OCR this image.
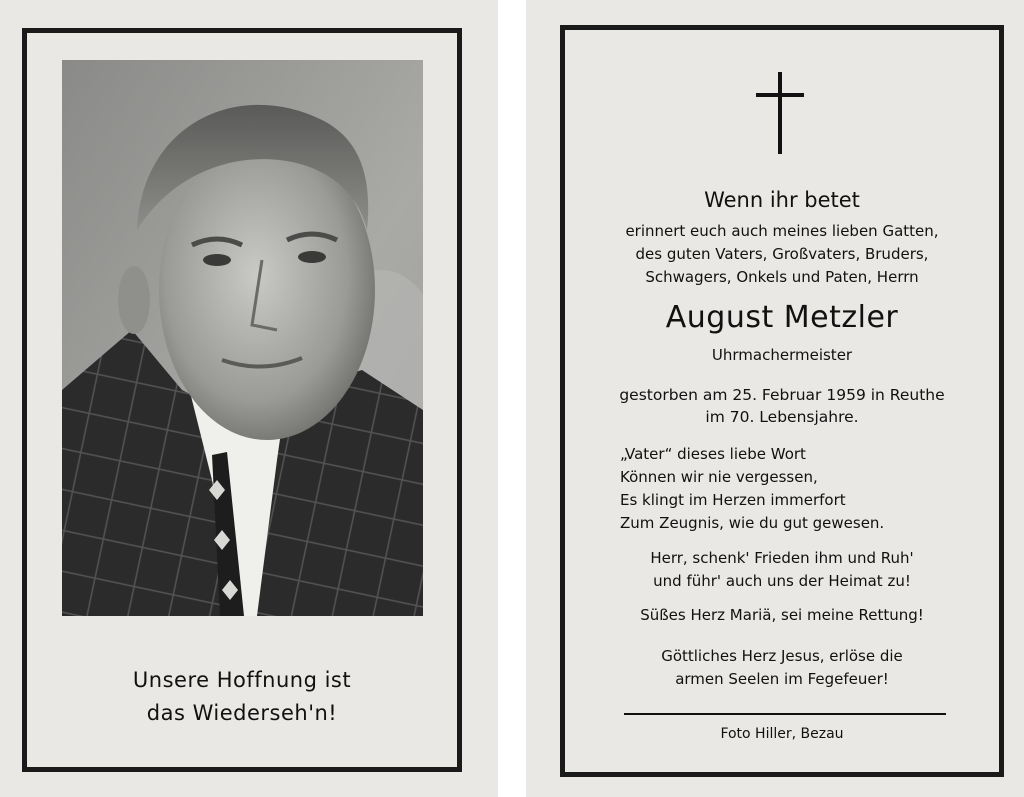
Unsere Hoffnung ist
das Wiederseh'n!

Wenn ihr betet

erinnert euch auch meines lieben Gatten,
des guten Vaters, Großvaters, Bruders,
Schwagers, Onkels und Paten, Herrn

August Metzler

Uhrmachermeister

gestorben am 25. Februar 1959 in Reuthe
im 70. Lebensjahre.
„Vater“ dieses liebe Wort
Können wir nie vergessen,
Es klingt im Herzen immerfort
Zum Zeugnis, wie du gut gewesen.
Herr, schenk' Frieden ihm und Ruh'
und führ' auch uns der Heimat zu!
Süßes Herz Mariä, sei meine Rettung!
Göttliches Herz Jesus, erlöse die
armen Seelen im Fegefeuer!

Foto Hiller, Bezau
